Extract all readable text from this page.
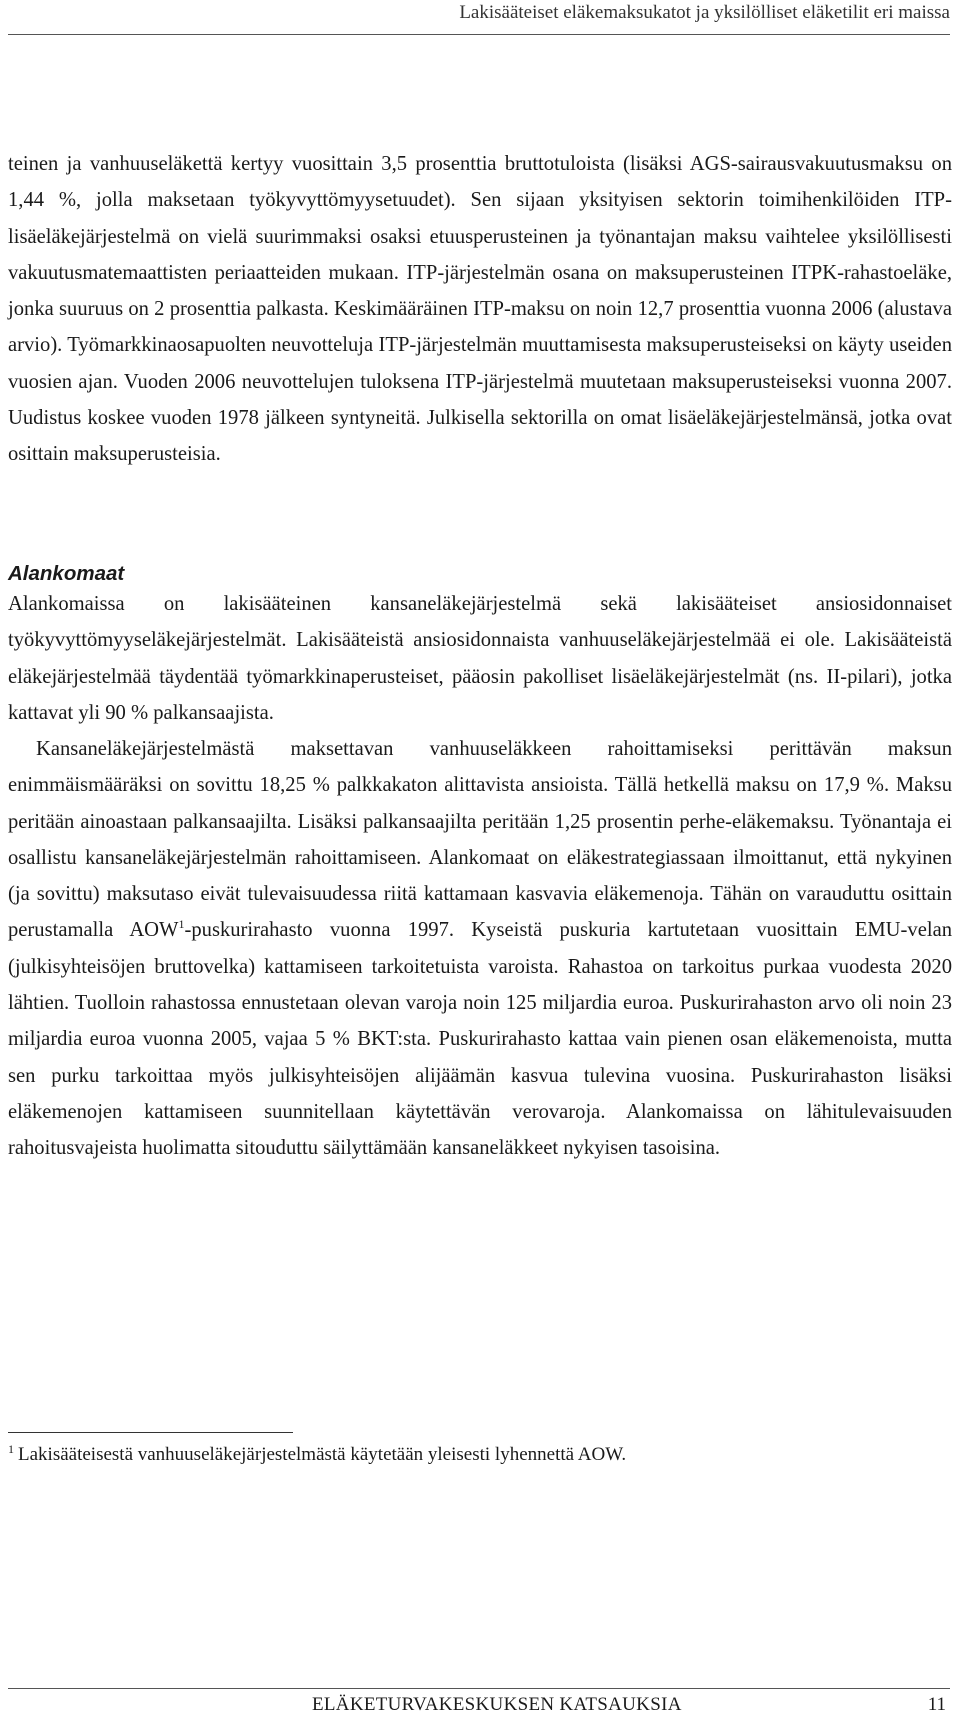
Lakisääteiset eläkemaksukatot ja yksilölliset eläketilit eri maissa

teinen ja vanhuuseläkettä kertyy vuosittain 3,5 prosenttia bruttotuloista (lisäksi AGS-sairausvakuutusmaksu on 1,44 %, jolla maksetaan työkyvyttömyysetuudet). Sen sijaan yksityisen sektorin toimihenkilöiden ITP-lisäeläkejärjestelmä on vielä suurimmaksi osaksi etuusperusteinen ja työnantajan maksu vaihtelee yksilöllisesti vakuutusmatemaattisten periaatteiden mukaan. ITP-järjestelmän osana on maksuperusteinen ITPK-rahastoeläke, jonka suuruus on 2 prosenttia palkasta. Keskimääräinen ITP-maksu on noin 12,7 prosenttia vuonna 2006 (alustava arvio). Työmarkkinaosapuolten neuvotteluja ITP-järjestelmän muuttamisesta maksuperusteiseksi on käyty useiden vuosien ajan. Vuoden 2006 neuvottelujen tuloksena ITP-järjestelmä muutetaan maksuperusteiseksi vuonna 2007. Uudistus koskee vuoden 1978 jälkeen syntyneitä. Julkisella sektorilla on omat lisäeläkejärjestelmänsä, jotka ovat osittain maksuperusteisia.

Alankomaat

Alankomaissa on lakisääteinen kansaneläkejärjestelmä sekä lakisääteiset ansiosidonnaiset työkyvyttömyyseläkejärjestelmät. Lakisääteistä ansiosidonnaista vanhuuseläkejärjestelmää ei ole. Lakisääteistä eläkejärjestelmää täydentää työmarkkinaperusteiset, pääosin pakolliset lisäeläkejärjestelmät (ns. II-pilari), jotka kattavat yli 90 % palkansaajista.

Kansaneläkejärjestelmästä maksettavan vanhuuseläkkeen rahoittamiseksi perittävän maksun enimmäismääräksi on sovittu 18,25 % palkkakaton alittavista ansioista. Tällä hetkellä maksu on 17,9 %. Maksu peritään ainoastaan palkansaajilta. Lisäksi palkansaajilta peritään 1,25 prosentin perhe-eläkemaksu. Työnantaja ei osallistu kansaneläkejärjestelmän rahoittamiseen. Alankomaat on eläkestrategiassaan ilmoittanut, että nykyinen (ja sovittu) maksutaso eivät tulevaisuudessa riitä kattamaan kasvavia eläkemenoja. Tähän on varauduttu osittain perustamalla AOW$^1$-puskurirahasto vuonna 1997. Kyseistä puskuria kartutetaan vuosittain EMU-velan (julkisyhteisöjen bruttovelka) kattamiseen tarkoitetuista varoista. Rahastoa on tarkoitus purkaa vuodesta 2020 lähtien. Tuolloin rahastossa ennustetaan olevan varoja noin 125 miljardia euroa. Puskurirahaston arvo oli noin 23 miljardia euroa vuonna 2005, vajaa 5 % BKT:sta. Puskurirahasto kattaa vain pienen osan eläkemenoista, mutta sen purku tarkoittaa myös julkisyhteisöjen alijäämän kasvua tulevina vuosina. Puskurirahaston lisäksi eläkemenojen kattamiseen suunnitellaan käytettävän verovaroja. Alankomaissa on lähitulevaisuuden rahoitusvajeista huolimatta sitouduttu säilyttämään kansaneläkkeet nykyisen tasoisina.

$^1$ Lakisääteisestä vanhuuseläkejärjestelmästä käytetään yleisesti lyhennettä AOW.
ELÄKETURVAKESKUKSEN KATSAUKSIA	11
